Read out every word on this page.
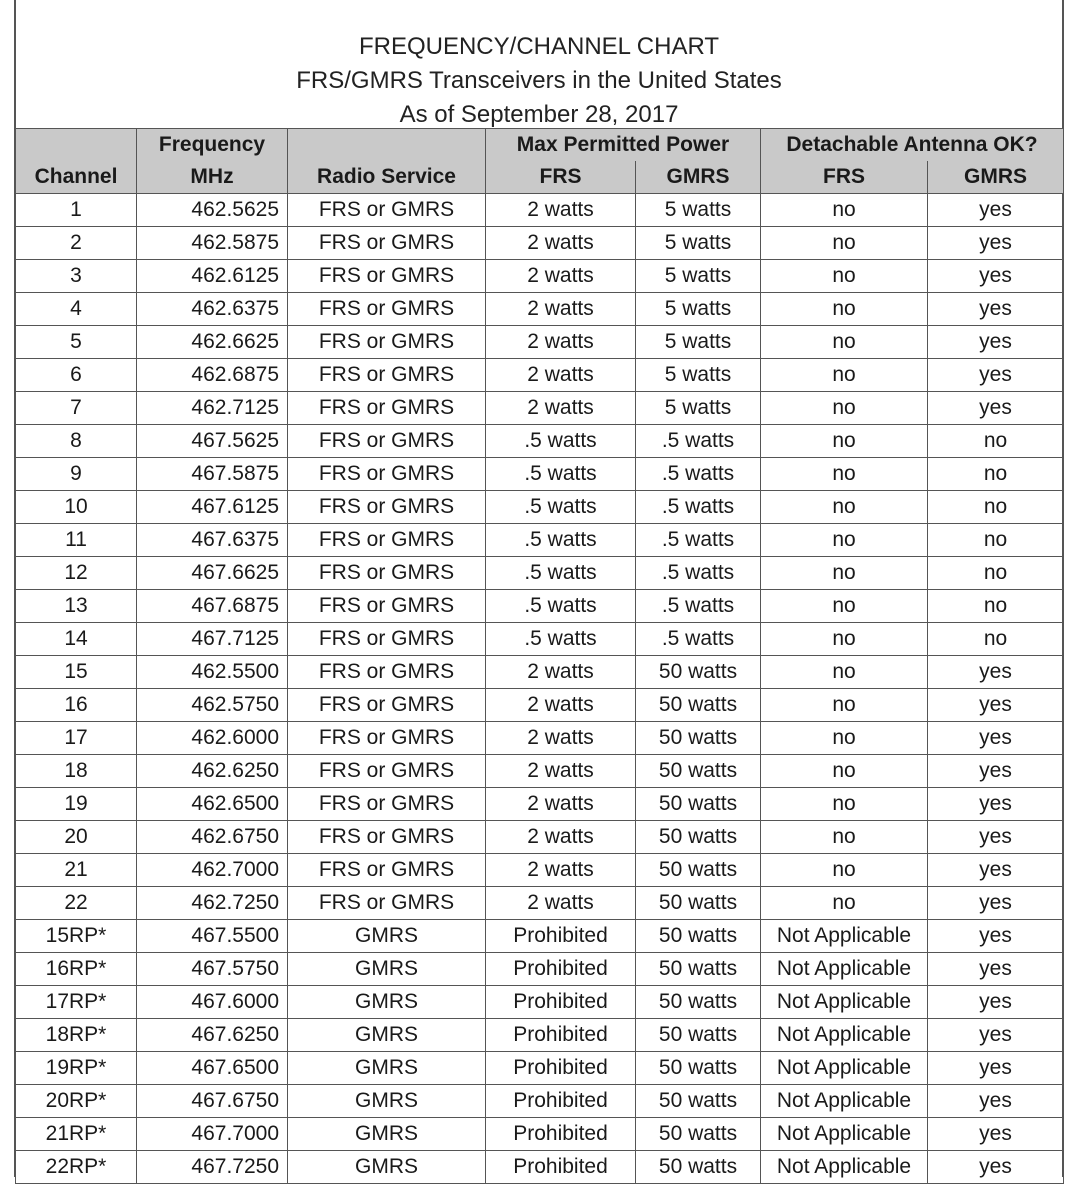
FREQUENCY/CHANNEL CHART
FRS/GMRS Transceivers in the United States
As of September 28, 2017
	Frequency		Max Permitted Power		Detachable Antenna OK?	
Channel	MHz	Radio Service	FRS	GMRS	FRS	GMRS
1	462.5625	FRS or GMRS	2 watts	5 watts	no	yes
2	462.5875	FRS or GMRS	2 watts	5 watts	no	yes
3	462.6125	FRS or GMRS	2 watts	5 watts	no	yes
4	462.6375	FRS or GMRS	2 watts	5 watts	no	yes
5	462.6625	FRS or GMRS	2 watts	5 watts	no	yes
6	462.6875	FRS or GMRS	2 watts	5 watts	no	yes
7	462.7125	FRS or GMRS	2 watts	5 watts	no	yes
8	467.5625	FRS or GMRS	.5 watts	.5 watts	no	no
9	467.5875	FRS or GMRS	.5 watts	.5 watts	no	no
10	467.6125	FRS or GMRS	.5 watts	.5 watts	no	no
11	467.6375	FRS or GMRS	.5 watts	.5 watts	no	no
12	467.6625	FRS or GMRS	.5 watts	.5 watts	no	no
13	467.6875	FRS or GMRS	.5 watts	.5 watts	no	no
14	467.7125	FRS or GMRS	.5 watts	.5 watts	no	no
15	462.5500	FRS or GMRS	2 watts	50 watts	no	yes
16	462.5750	FRS or GMRS	2 watts	50 watts	no	yes
17	462.6000	FRS or GMRS	2 watts	50 watts	no	yes
18	462.6250	FRS or GMRS	2 watts	50 watts	no	yes
19	462.6500	FRS or GMRS	2 watts	50 watts	no	yes
20	462.6750	FRS or GMRS	2 watts	50 watts	no	yes
21	462.7000	FRS or GMRS	2 watts	50 watts	no	yes
22	462.7250	FRS or GMRS	2 watts	50 watts	no	yes
15RP*	467.5500	GMRS	Prohibited	50 watts	Not Applicable	yes
16RP*	467.5750	GMRS	Prohibited	50 watts	Not Applicable	yes
17RP*	467.6000	GMRS	Prohibited	50 watts	Not Applicable	yes
18RP*	467.6250	GMRS	Prohibited	50 watts	Not Applicable	yes
19RP*	467.6500	GMRS	Prohibited	50 watts	Not Applicable	yes
20RP*	467.6750	GMRS	Prohibited	50 watts	Not Applicable	yes
21RP*	467.7000	GMRS	Prohibited	50 watts	Not Applicable	yes
22RP*	467.7250	GMRS	Prohibited	50 watts	Not Applicable	yes
